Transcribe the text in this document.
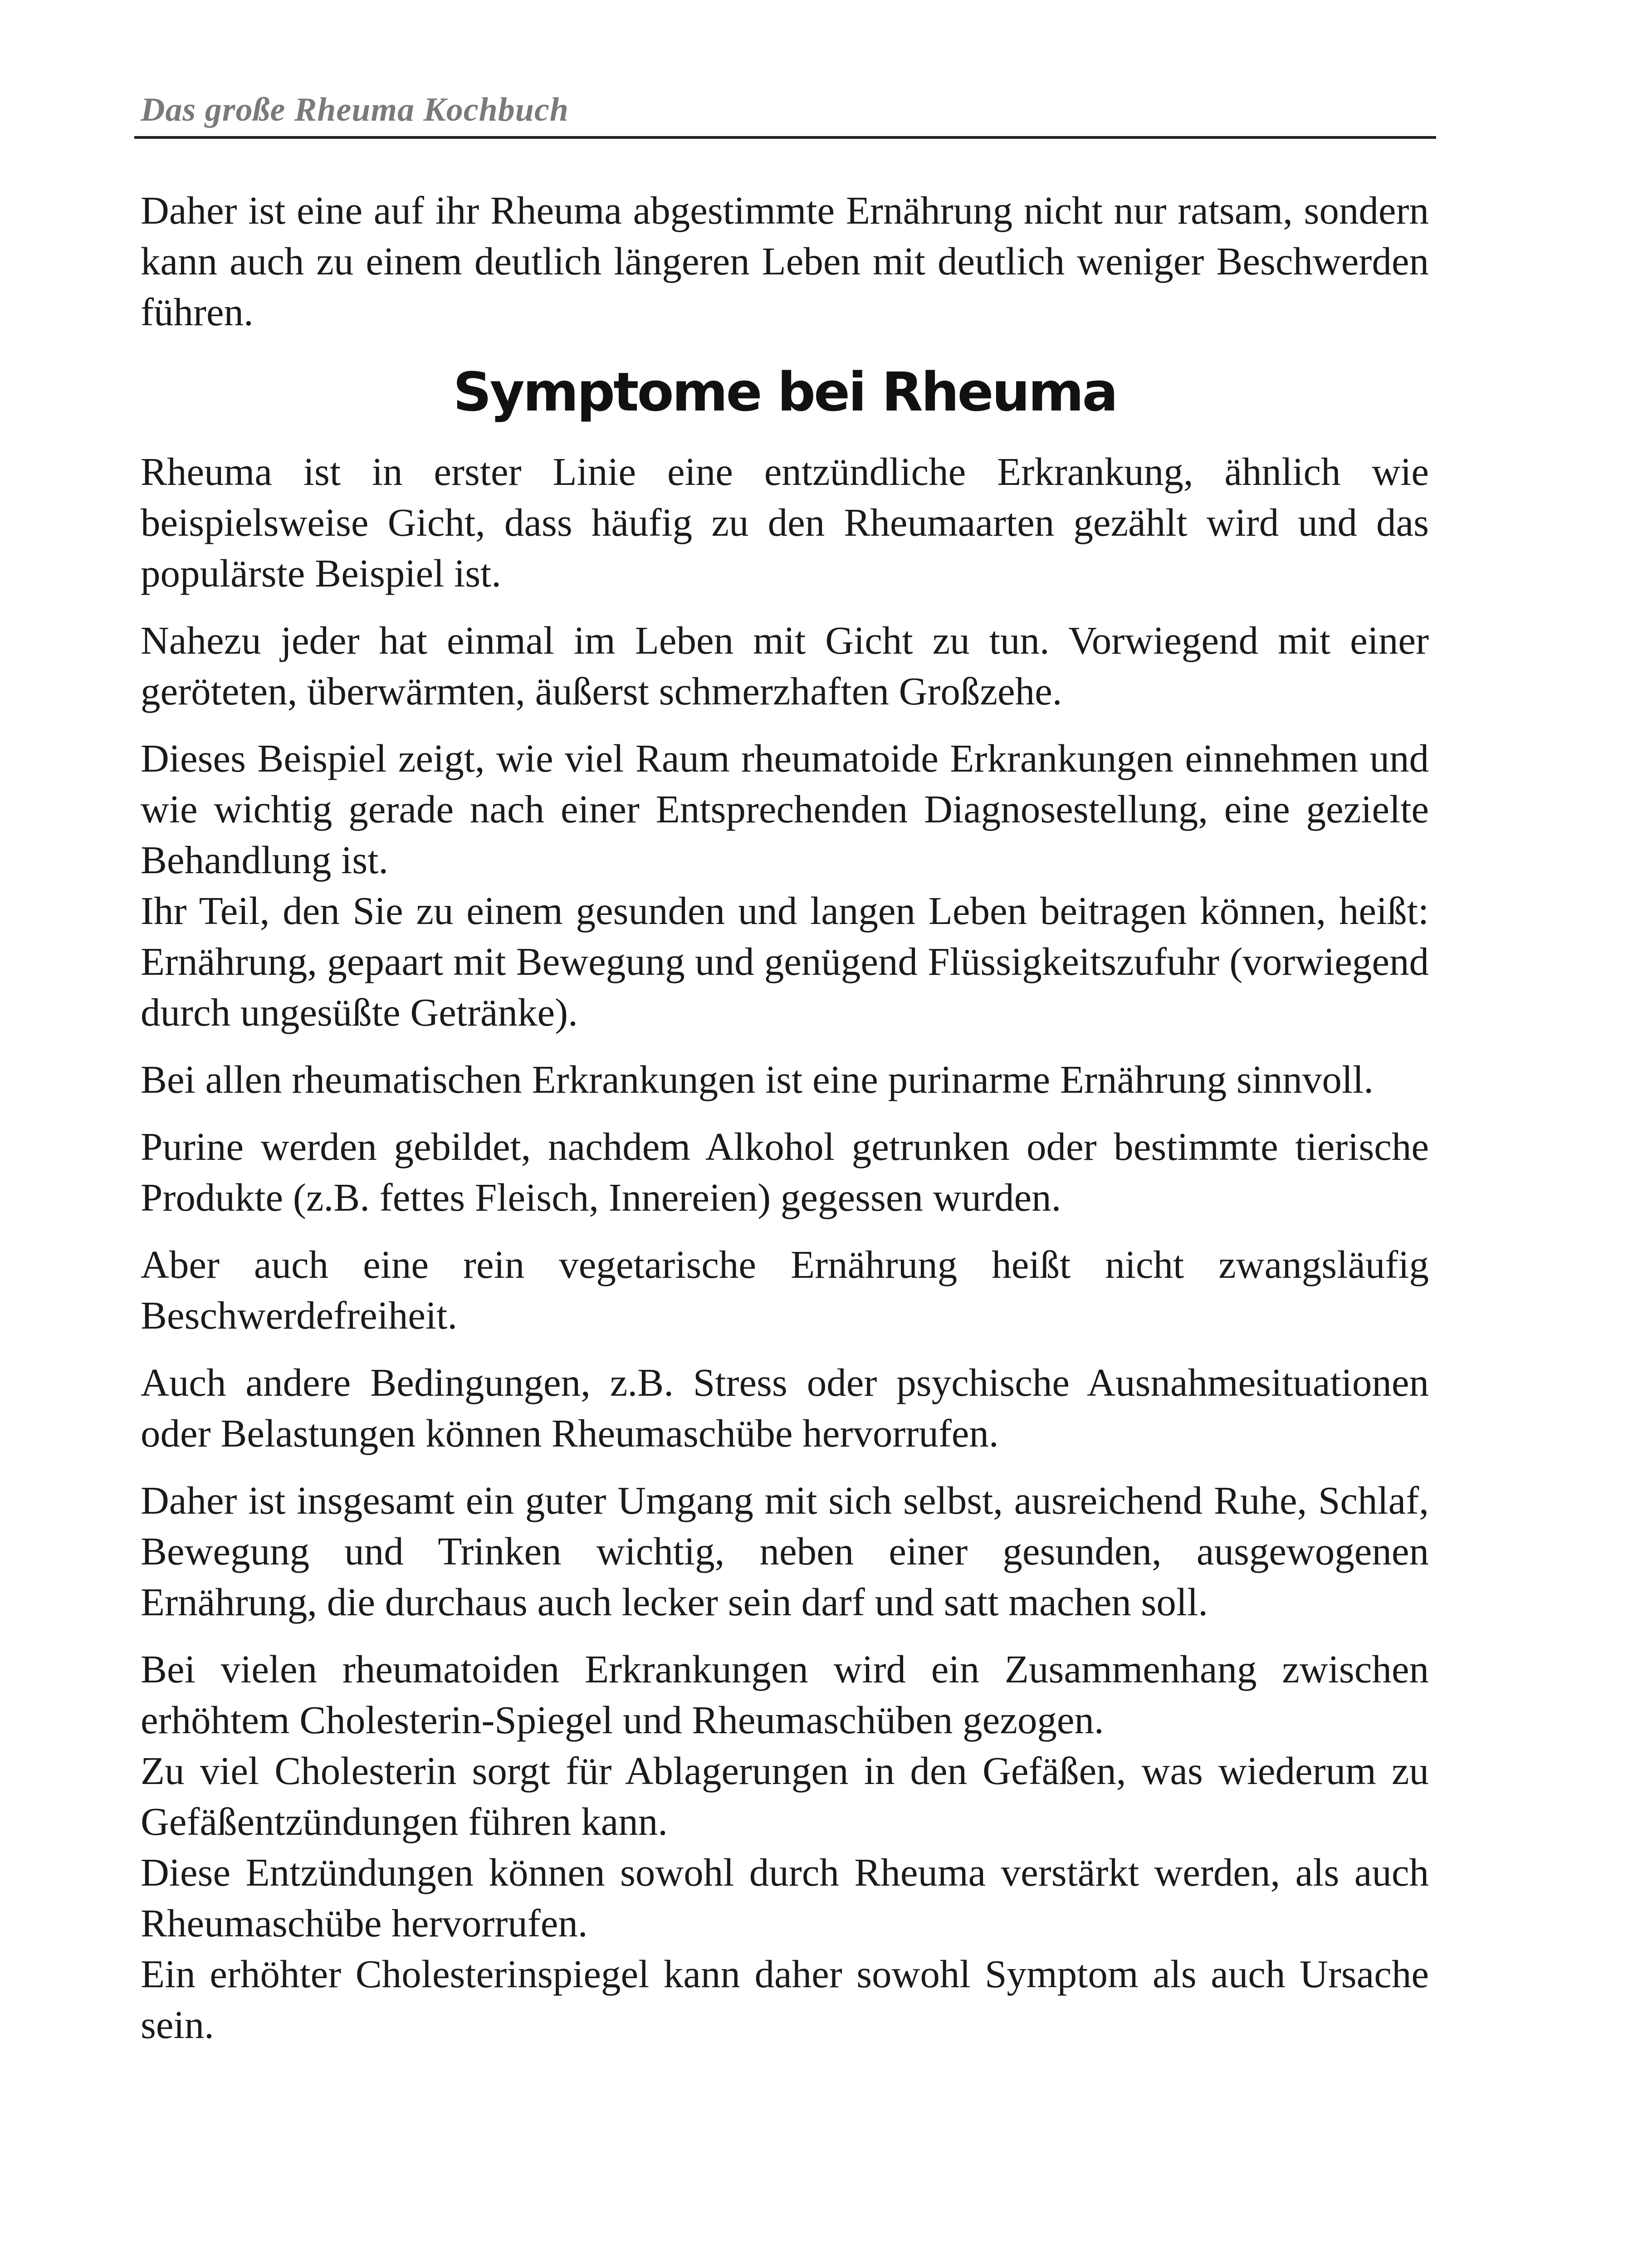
Das große Rheuma Kochbuch

Daher ist eine auf ihr Rheuma abgestimmte Ernährung nicht nur ratsam, sondern kann auch zu einem deutlich längeren Leben mit deutlich weniger Beschwerden führen.

Symptome bei Rheuma

Rheuma ist in erster Linie eine entzündliche Erkrankung, ähnlich wie beispielsweise Gicht, dass häufig zu den Rheumaarten gezählt wird und das populärste Beispiel ist.

Nahezu jeder hat einmal im Leben mit Gicht zu tun. Vorwiegend mit einer geröteten, überwärmten, äußerst schmerzhaften Großzehe.

Dieses Beispiel zeigt, wie viel Raum rheumatoide Erkrankungen einnehmen und wie wichtig gerade nach einer Entsprechenden Diagnosestellung, eine gezielte Behandlung ist.

Ihr Teil, den Sie zu einem gesunden und langen Leben beitragen können, heißt: Ernährung, gepaart mit Bewegung und genügend Flüssigkeitszufuhr (vorwiegend durch ungesüßte Getränke).

Bei allen rheumatischen Erkrankungen ist eine purinarme Ernährung sinnvoll.

Purine werden gebildet, nachdem Alkohol getrunken oder bestimmte tierische Produkte (z.B. fettes Fleisch, Innereien) gegessen wurden.

Aber auch eine rein vegetarische Ernährung heißt nicht zwangsläufig Beschwerdefreiheit.

Auch andere Bedingungen, z.B. Stress oder psychische Ausnahmesituationen oder Belastungen können Rheumaschübe hervorrufen.

Daher ist insgesamt ein guter Umgang mit sich selbst, ausreichend Ruhe, Schlaf, Bewegung und Trinken wichtig, neben einer gesunden, ausgewogenen Ernährung, die durchaus auch lecker sein darf und satt machen soll.

Bei vielen rheumatoiden Erkrankungen wird ein Zusammenhang zwischen erhöhtem Cholesterin-Spiegel und Rheumaschüben gezogen.

Zu viel Cholesterin sorgt für Ablagerungen in den Gefäßen, was wiederum zu Gefäßentzündungen führen kann.

Diese Entzündungen können sowohl durch Rheuma verstärkt werden, als auch Rheumaschübe hervorrufen.

Ein erhöhter Cholesterinspiegel kann daher sowohl Symptom als auch Ursache sein.
